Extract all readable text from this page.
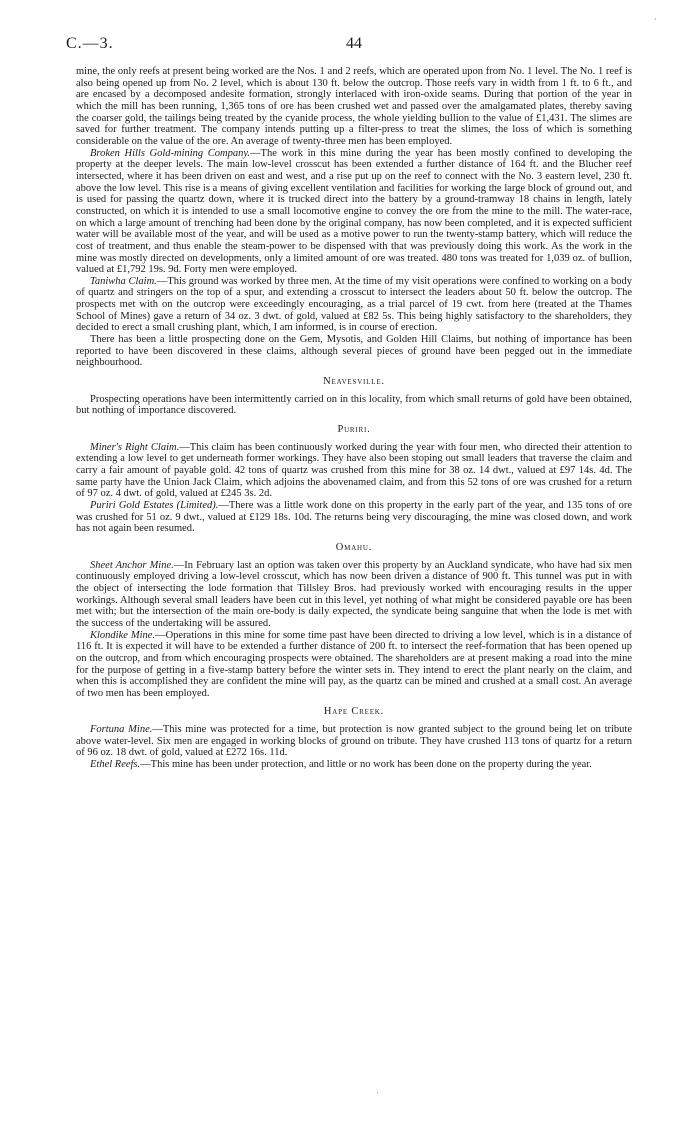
C.—3.	44

mine, the only reefs at present being worked are the Nos. 1 and 2 reefs, which are operated upon from No. 1 level. The No. 1 reef is also being opened up from No. 2 level, which is about 130 ft. below the outcrop. Those reefs vary in width from 1 ft. to 6 ft., and are encased by a decomposed andesite formation, strongly interlaced with iron-oxide seams. During that portion of the year in which the mill has been running, 1,365 tons of ore has been crushed wet and passed over the amalgamated plates, thereby saving the coarser gold, the tailings being treated by the cyanide process, the whole yielding bullion to the value of £1,431. The slimes are saved for further treatment. The company intends putting up a filter-press to treat the slimes, the loss of which is something considerable on the value of the ore. An average of twenty-three men has been employed.

Broken Hills Gold-mining Company.—The work in this mine during the year has been mostly confined to developing the property at the deeper levels. The main low-level crosscut has been extended a further distance of 164 ft. and the Blucher reef intersected, where it has been driven on east and west, and a rise put up on the reef to connect with the No. 3 eastern level, 230 ft. above the low level. This rise is a means of giving excellent ventilation and facilities for working the large block of ground out, and is used for passing the quartz down, where it is trucked direct into the battery by a ground-tramway 18 chains in length, lately constructed, on which it is intended to use a small locomotive engine to convey the ore from the mine to the mill. The water-race, on which a large amount of trenching had been done by the original company, has now been completed, and it is expected sufficient water will be available most of the year, and will be used as a motive power to run the twenty-stamp battery, which will reduce the cost of treatment, and thus enable the steam-power to be dispensed with that was previously doing this work. As the work in the mine was mostly directed on developments, only a limited amount of ore was treated. 480 tons was treated for 1,039 oz. of bullion, valued at £1,792 19s. 9d. Forty men were employed.

Taniwha Claim.—This ground was worked by three men. At the time of my visit operations were confined to working on a body of quartz and stringers on the top of a spur, and extending a crosscut to intersect the leaders about 50 ft. below the outcrop. The prospects met with on the outcrop were exceedingly encouraging, as a trial parcel of 19 cwt. from here (treated at the Thames School of Mines) gave a return of 34 oz. 3 dwt. of gold, valued at £82 5s. This being highly satisfactory to the shareholders, they decided to erect a small crushing plant, which, I am informed, is in course of erection.

There has been a little prospecting done on the Gem, Mysotis, and Golden Hill Claims, but nothing of importance has been reported to have been discovered in these claims, although several pieces of ground have been pegged out in the immediate neighbourhood.

Neavesville.

Prospecting operations have been intermittently carried on in this locality, from which small returns of gold have been obtained, but nothing of importance discovered.

Puriri.

Miner's Right Claim.—This claim has been continuously worked during the year with four men, who directed their attention to extending a low level to get underneath former workings. They have also been stoping out small leaders that traverse the claim and carry a fair amount of payable gold. 42 tons of quartz was crushed from this mine for 38 oz. 14 dwt., valued at £97 14s. 4d. The same party have the Union Jack Claim, which adjoins the abovenamed claim, and from this 52 tons of ore was crushed for a return of 97 oz. 4 dwt. of gold, valued at £245 3s. 2d.

Puriri Gold Estates (Limited).—There was a little work done on this property in the early part of the year, and 135 tons of ore was crushed for 51 oz. 9 dwt., valued at £129 18s. 10d. The returns being very discouraging, the mine was closed down, and work has not again been resumed.

Omahu.

Sheet Anchor Mine.—In February last an option was taken over this property by an Auckland syndicate, who have had six men continuously employed driving a low-level crosscut, which has now been driven a distance of 900 ft. This tunnel was put in with the object of intersecting the lode formation that Tillsley Bros. had previously worked with encouraging results in the upper workings. Although several small leaders have been cut in this level, yet nothing of what might be considered payable ore has been met with; but the intersection of the main ore-body is daily expected, the syndicate being sanguine that when the lode is met with the success of the undertaking will be assured.

Klondike Mine.—Operations in this mine for some time past have been directed to driving a low level, which is in a distance of 116 ft. It is expected it will have to be extended a further distance of 200 ft. to intersect the reef-formation that has been opened up on the outcrop, and from which encouraging prospects were obtained. The shareholders are at present making a road into the mine for the purpose of getting in a five-stamp battery before the winter sets in. They intend to erect the plant nearly on the claim, and when this is accomplished they are confident the mine will pay, as the quartz can be mined and crushed at a small cost. An average of two men has been employed.

Hape Creek.

Fortuna Mine.—This mine was protected for a time, but protection is now granted subject to the ground being let on tribute above water-level. Six men are engaged in working blocks of ground on tribute. They have crushed 113 tons of quartz for a return of 96 oz. 18 dwt. of gold, valued at £272 16s. 11d.

Ethel Reefs.—This mine has been under protection, and little or no work has been done on the property during the year.

·
·
